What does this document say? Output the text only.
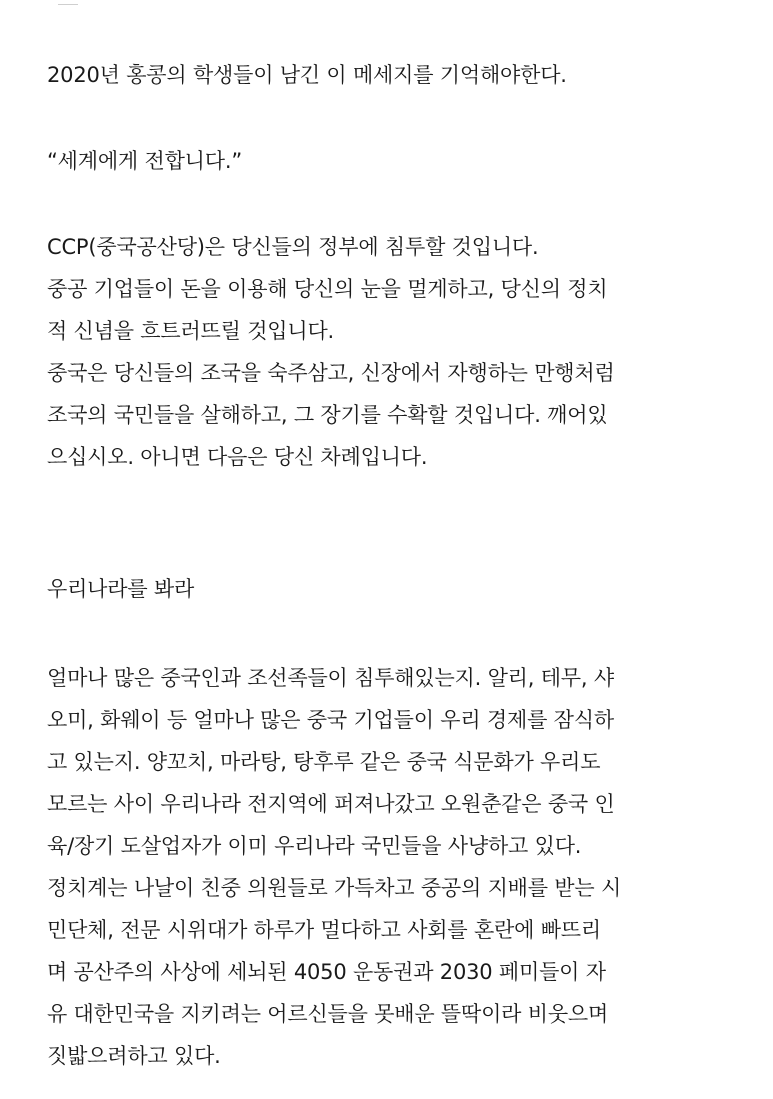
2020년 홍콩의 학생들이 남긴 이 메세지를 기억해야한다.

“세계에게 전합니다.”

CCP(중국공산당)은 당신들의 정부에 침투할 것입니다.
중공 기업들이 돈을 이용해 당신의 눈을 멀게하고, 당신의 정치
적 신념을 흐트러뜨릴 것입니다.
중국은 당신들의 조국을 숙주삼고, 신장에서 자행하는 만행처럼
조국의 국민들을 살해하고, 그 장기를 수확할 것입니다. 깨어있
으십시오. 아니면 다음은 당신 차례입니다.

우리나라를 봐라

얼마나 많은 중국인과 조선족들이 침투해있는지. 알리, 테무, 샤
오미, 화웨이 등 얼마나 많은 중국 기업들이 우리 경제를 잠식하
고 있는지. 양꼬치, 마라탕, 탕후루 같은 중국 식문화가 우리도
모르는 사이 우리나라 전지역에 퍼져나갔고 오원춘같은 중국 인
육/장기 도살업자가 이미 우리나라 국민들을 사냥하고 있다.
정치계는 나날이 친중 의원들로 가득차고 중공의 지배를 받는 시
민단체, 전문 시위대가 하루가 멀다하고 사회를 혼란에 빠뜨리
며 공산주의 사상에 세뇌된 4050 운동권과 2030 페미들이 자
유 대한민국을 지키려는 어르신들을 못배운 뜰딱이라 비웃으며
짓밟으려하고 있다.
